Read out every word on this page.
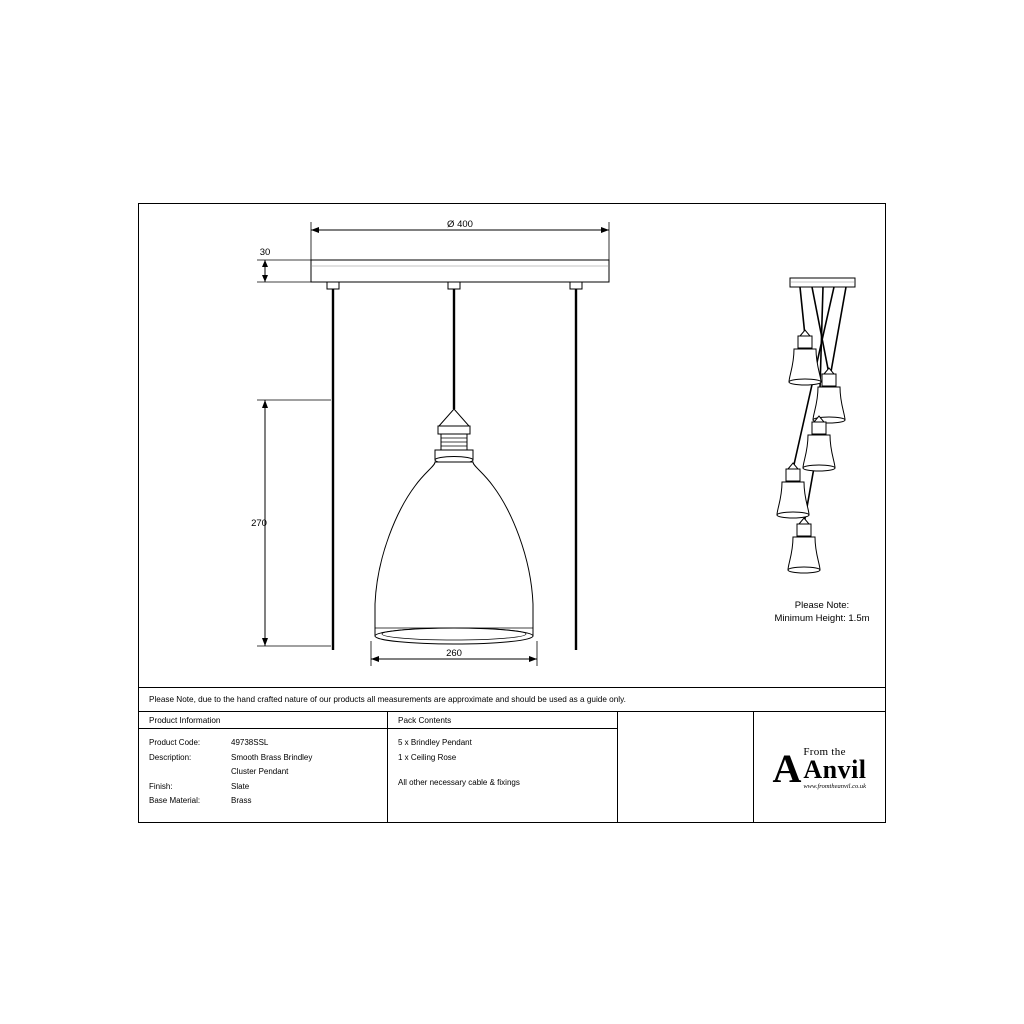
Ø 400
30
270
260
Please Note:
Minimum Height: 1.5m
Please Note, due to the hand crafted nature of our products all measurements are approximate and should be used as a guide only.
Product Information
Product Code:	49738SSL
Description:	Smooth Brass Brindley
Cluster Pendant
Finish:	Slate
Base Material:	Brass
Pack Contents
5 x Brindley Pendant
1 x Ceiling Rose
All other necessary cable & fixings	A From the
Anvil
www.fromtheanvil.co.uk
